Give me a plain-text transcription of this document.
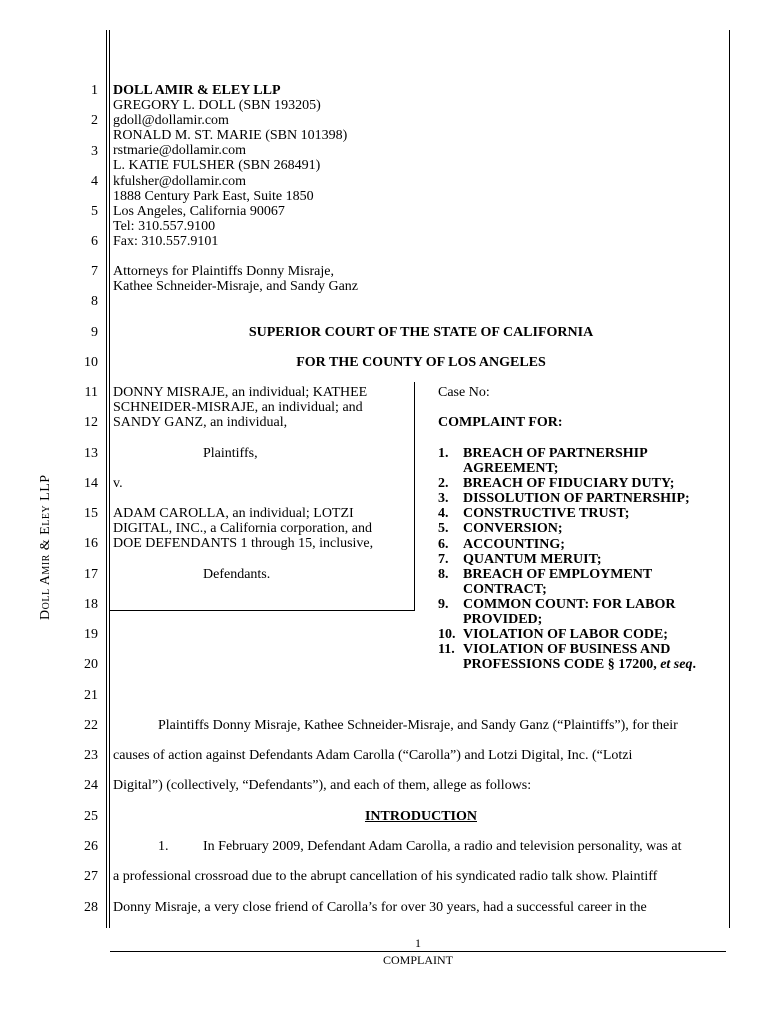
Doll Amir & Eley LLP
1
2
3
4
5
6
7
8
9
10
11
12
13
14
15
16
17
18
19
20
21
22
23
24
25
26
27
28
DOLL AMIR & ELEY LLP
GREGORY L. DOLL (SBN 193205)
gdoll@dollamir.com
RONALD M. ST. MARIE (SBN 101398)
rstmarie@dollamir.com
L. KATIE FULSHER (SBN 268491)
kfulsher@dollamir.com
1888 Century Park East, Suite 1850
Los Angeles, California 90067
Tel: 310.557.9100
Fax: 310.557.9101
Attorneys for Plaintiffs Donny Misraje,
Kathee Schneider-Misraje, and Sandy Ganz
SUPERIOR COURT OF THE STATE OF CALIFORNIA
FOR THE COUNTY OF LOS ANGELES
DONNY MISRAJE, an individual; KATHEE
SCHNEIDER-MISRAJE, an individual; and
SANDY GANZ, an individual,
Plaintiffs,
v.
ADAM CAROLLA, an individual; LOTZI
DIGITAL, INC., a California corporation, and
DOE DEFENDANTS 1 through 15, inclusive,
Defendants.
Case No:
COMPLAINT FOR:
1.	BREACH OF PARTNERSHIP
AGREEMENT;
2.	BREACH OF FIDUCIARY DUTY;
3.	DISSOLUTION OF PARTNERSHIP;
4.	CONSTRUCTIVE TRUST;
5.	CONVERSION;
6.	ACCOUNTING;
7.	QUANTUM MERUIT;
8.	BREACH OF EMPLOYMENT
CONTRACT;
9.	COMMON COUNT: FOR LABOR
PROVIDED;
10. VIOLATION OF LABOR CODE;
11. VIOLATION OF BUSINESS AND
PROFESSIONS CODE § 17200, et seq .
Plaintiffs Donny Misraje, Kathee Schneider-Misraje, and Sandy Ganz (“Plaintiffs”), for their
causes of action against Defendants Adam Carolla (“Carolla”) and Lotzi Digital, Inc. (“Lotzi
Digital”) (collectively, “Defendants”), and each of them, allege as follows:
INTRODUCTION
1. In February 2009, Defendant Adam Carolla, a radio and television personality, was at
a professional crossroad due to the abrupt cancellation of his syndicated radio talk show. Plaintiff
Donny Misraje, a very close friend of Carolla’s for over 30 years, had a successful career in the
1
COMPLAINT
